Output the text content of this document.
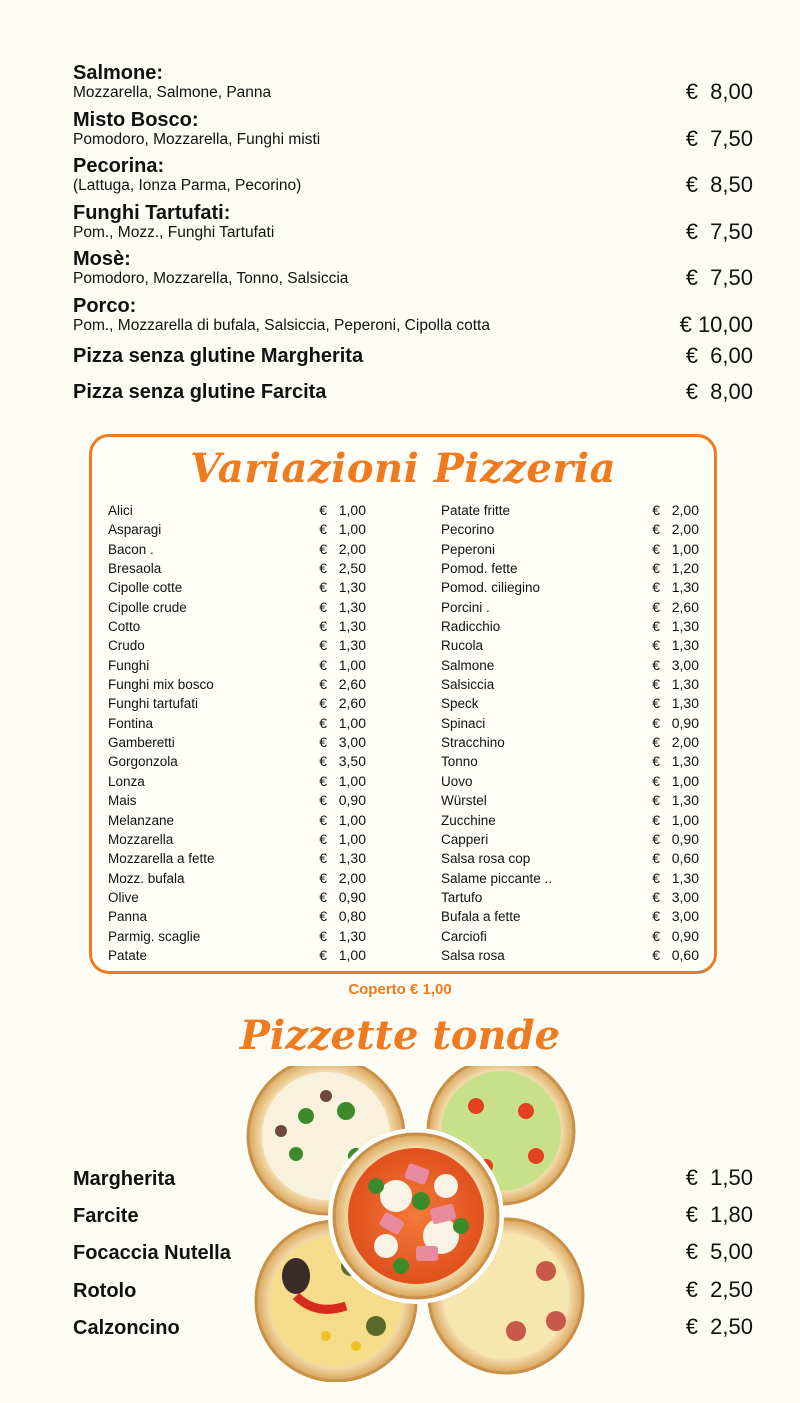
Salmone:
Mozzarella, Salmone, Panna	€  8,00
Misto Bosco:
Pomodoro, Mozzarella, Funghi misti	€  7,50
Pecorina:
(Lattuga, Ionza Parma, Pecorino)	€  8,50
Funghi Tartufati:
Pom., Mozz., Funghi Tartufati	€  7,50
Mosè:
Pomodoro, Mozzarella, Tonno, Salsiccia	€  7,50
Porco:
Pom., Mozzarella di bufala, Salsiccia, Peperoni, Cipolla cotta	€ 10,00
Pizza senza glutine Margherita	€  6,00
Pizza senza glutine Farcita	€  8,00
Variazioni Pizzeria
Alici	€   1,00
Asparagi	€   1,00
Bacon .	€   2,00
Bresaola	€   2,50
Cipolle cotte	€   1,30
Cipolle crude	€   1,30
Cotto	€   1,30
Crudo	€   1,30
Funghi	€   1,00
Funghi mix bosco	€   2,60
Funghi tartufati	€   2,60
Fontina	€   1,00
Gamberetti	€   3,00
Gorgonzola	€   3,50
Lonza	€   1,00
Mais	€   0,90
Melanzane	€   1,00
Mozzarella	€   1,00
Mozzarella a fette	€   1,30
Mozz. bufala	€   2,00
Olive	€   0,90
Panna	€   0,80
Parmig. scaglie	€   1,30
Patate	€   1,00
Patate fritte	€   2,00
Pecorino	€   2,00
Peperoni	€   1,00
Pomod. fette	€   1,20
Pomod. ciliegino	€   1,30
Porcini .	€   2,60
Radicchio	€   1,30
Rucola	€   1,30
Salmone	€   3,00
Salsiccia	€   1,30
Speck	€   1,30
Spinaci	€   0,90
Stracchino	€   2,00
Tonno	€   1,30
Uovo	€   1,00
Würstel	€   1,30
Zucchine	€   1,00
Capperi	€   0,90
Salsa rosa cop	€   0,60
Salame piccante ..	€   1,30
Tartufo	€   3,00
Bufala a fette	€   3,00
Carciofi	€   0,90
Salsa rosa	€   0,60
Coperto € 1,00
Pizzette tonde
Margherita	€  1,50
Farcite	€  1,80
Focaccia Nutella	€  5,00
Rotolo	€  2,50
Calzoncino	€  2,50
